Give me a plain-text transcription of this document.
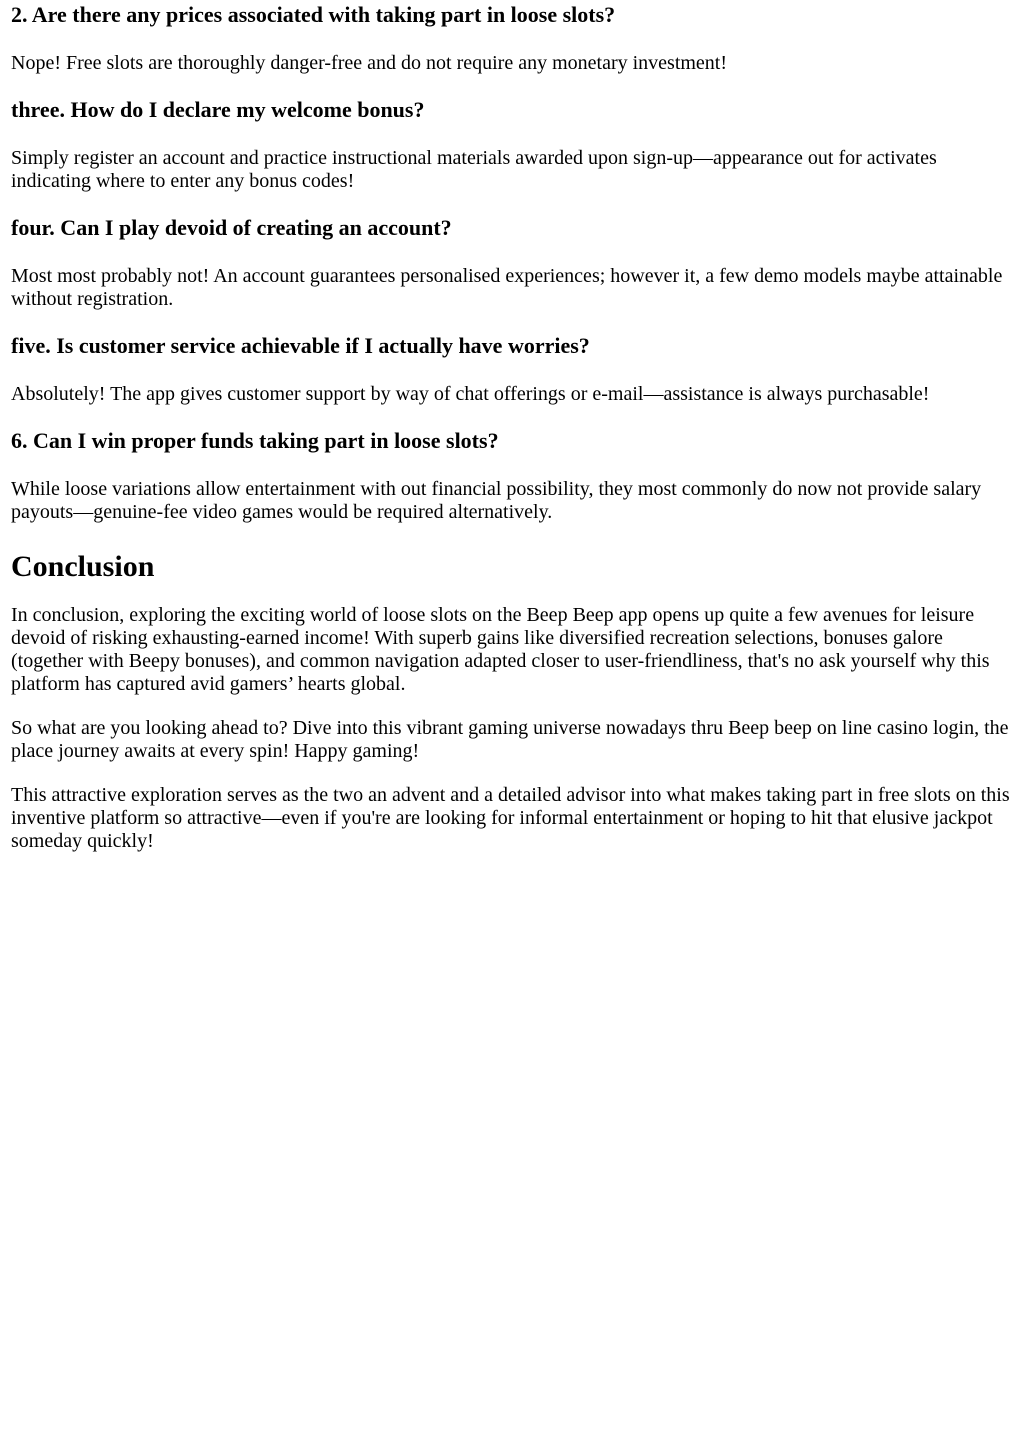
2. Are there any prices associated with taking part in loose slots?

Nope! Free slots are thoroughly danger-free and do not require any monetary investment!

three. How do I declare my welcome bonus?

Simply register an account and practice instructional materials awarded upon sign-up—appearance out for activates indicating where to enter any bonus codes!

four. Can I play devoid of creating an account?

Most most probably not! An account guarantees personalised experiences; however it, a few demo models maybe attainable without registration.

five. Is customer service achievable if I actually have worries?

Absolutely! The app gives customer support by way of chat offerings or e-mail—assistance is always purchasable!

6. Can I win proper funds taking part in loose slots?

While loose variations allow entertainment with out financial possibility, they most commonly do now not provide salary payouts—genuine-fee video games would be required alternatively.

Conclusion

In conclusion, exploring the exciting world of loose slots on the Beep Beep app opens up quite a few avenues for leisure devoid of risking exhausting-earned income! With superb gains like diversified recreation selections, bonuses galore (together with Beepy bonuses), and common navigation adapted closer to user-friendliness, that's no ask yourself why this platform has captured avid gamers’ hearts global.

So what are you looking ahead to? Dive into this vibrant gaming universe nowadays thru Beep beep on line casino login, the place journey awaits at every spin! Happy gaming!

This attractive exploration serves as the two an advent and a detailed advisor into what makes taking part in free slots on this inventive platform so attractive—even if you're are looking for informal entertainment or hoping to hit that elusive jackpot someday quickly!
